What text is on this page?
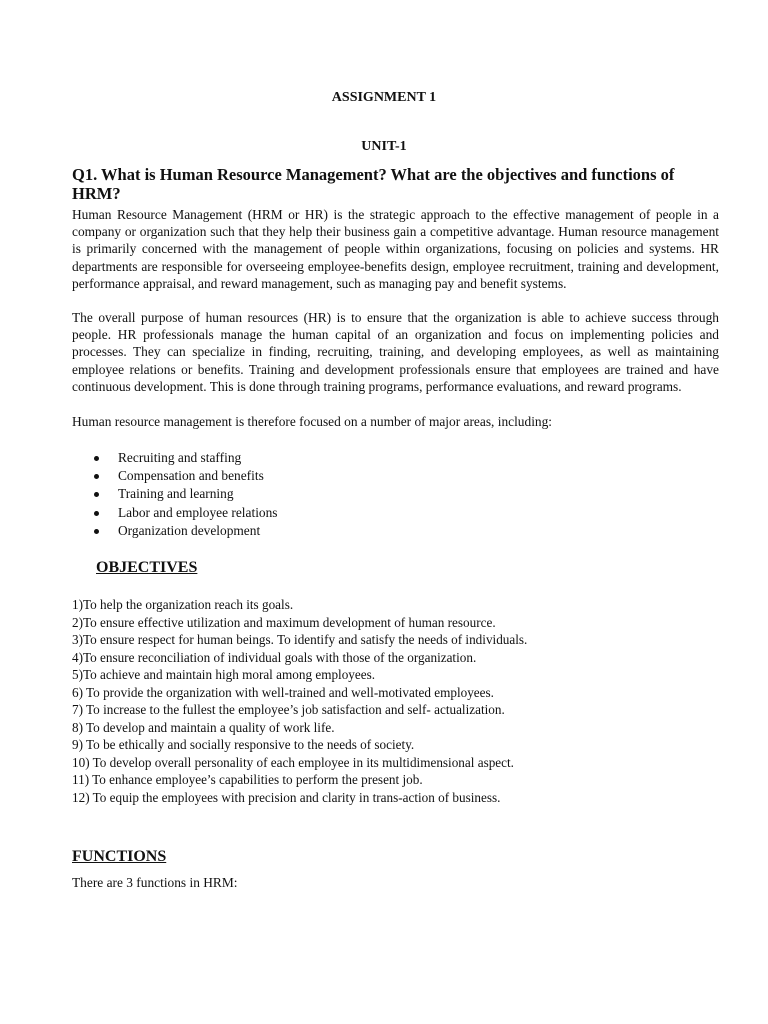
ASSIGNMENT 1

UNIT-1

Q1. What is Human Resource Management? What are the objectives and functions of HRM?

Human Resource Management (HRM or HR) is the strategic approach to the effective management of people in a company or organization such that they help their business gain a competitive advantage. Human resource management is primarily concerned with the management of people within organizations, focusing on policies and systems. HR departments are responsible for overseeing employee-benefits design, employee recruitment, training and development, performance appraisal, and reward management, such as managing pay and benefit systems.

The overall purpose of human resources (HR) is to ensure that the organization is able to achieve success through people. HR professionals manage the human capital of an organization and focus on implementing policies and processes. They can specialize in finding, recruiting, training, and developing employees, as well as maintaining employee relations or benefits. Training and development professionals ensure that employees are trained and have continuous development. This is done through training programs, performance evaluations, and reward programs.

Human resource management is therefore focused on a number of major areas, including:

Recruiting and staffing
Compensation and benefits
Training and learning
Labor and employee relations
Organization development

OBJECTIVES

1)To help the organization reach its goals.
2)To ensure effective utilization and maximum development of human resource.
3)To ensure respect for human beings. To identify and satisfy the needs of individuals.
4)To ensure reconciliation of individual goals with those of the organization.
5)To achieve and maintain high moral among employees.
6) To provide the organization with well-trained and well-motivated employees.
7) To increase to the fullest the employee’s job satisfaction and self- actualization.
8) To develop and maintain a quality of work life.
9) To be ethically and socially responsive to the needs of society.
10) To develop overall personality of each employee in its multidimensional aspect.
11) To enhance employee’s capabilities to perform the present job.
12) To equip the employees with precision and clarity in trans-action of business.

FUNCTIONS

There are 3 functions in HRM:
